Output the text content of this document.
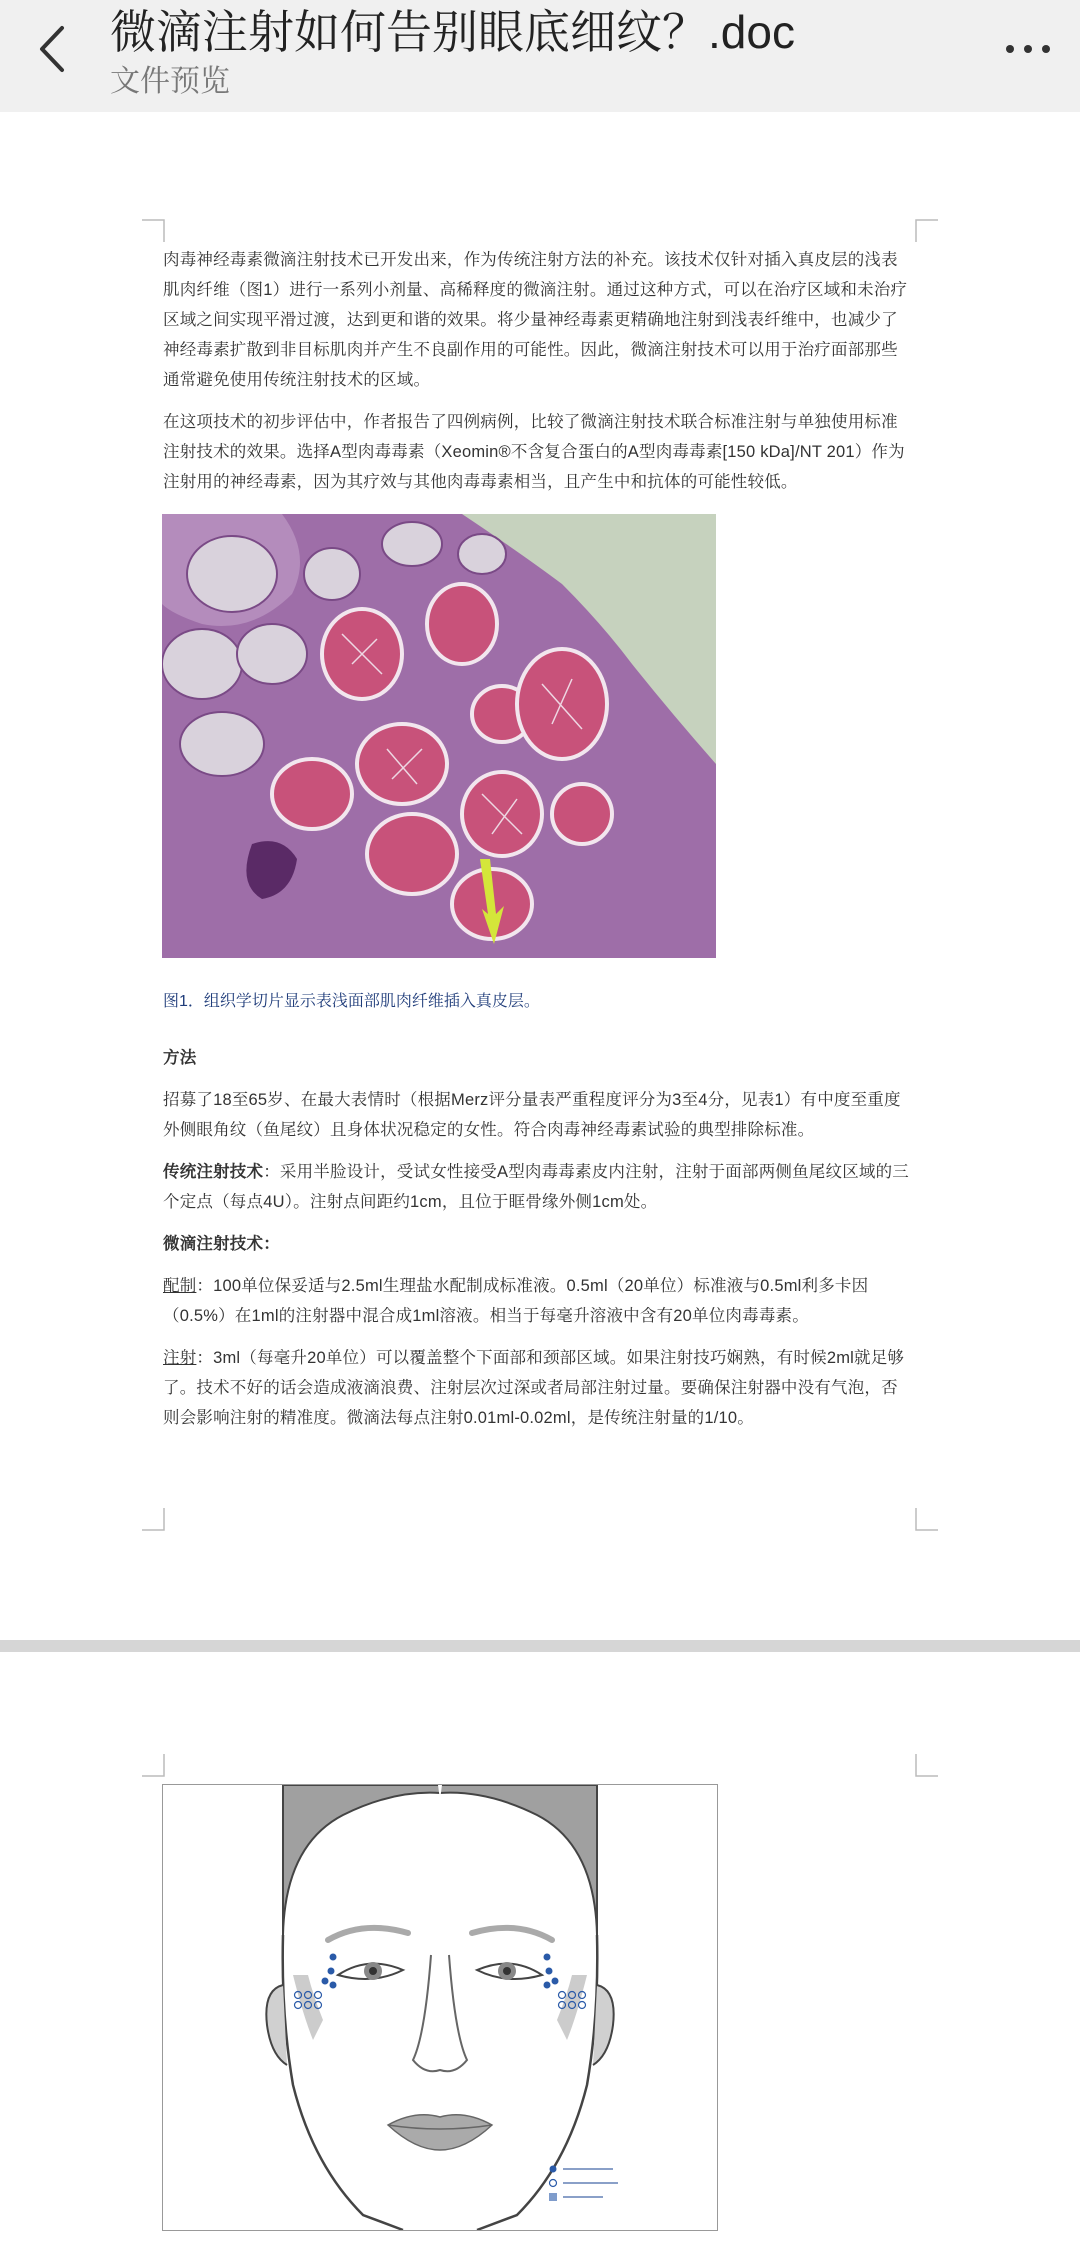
微滴注射如何告别眼底细纹？.doc
文件预览

肉毒神经毒素微滴注射技术已开发出来，作为传统注射方法的补充。该技术仅针对插入真皮层的浅表肌肉纤维（图1）进行一系列小剂量、高稀释度的微滴注射。通过这种方式，可以在治疗区域和未治疗区域之间实现平滑过渡，达到更和谐的效果。将少量神经毒素更精确地注射到浅表纤维中，也减少了神经毒素扩散到非目标肌肉并产生不良副作用的可能性。因此，微滴注射技术可以用于治疗面部那些通常避免使用传统注射技术的区域。

在这项技术的初步评估中，作者报告了四例病例，比较了微滴注射技术联合标准注射与单独使用标准注射技术的效果。选择A型肉毒毒素（Xeomin®不含复合蛋白的A型肉毒毒素[150 kDa]/NT 201）作为注射用的神经毒素，因为其疗效与其他肉毒毒素相当，且产生中和抗体的可能性较低。

图1．组织学切片显示表浅面部肌肉纤维插入真皮层。

方法

招募了18至65岁、在最大表情时（根据Merz评分量表严重程度评分为3至4分，见表1）有中度至重度外侧眼角纹（鱼尾纹）且身体状况稳定的女性。符合肉毒神经毒素试验的典型排除标准。

传统注射技术：采用半脸设计，受试女性接受A型肉毒毒素皮内注射，注射于面部两侧鱼尾纹区域的三个定点（每点4U）。注射点间距约1cm，且位于眶骨缘外侧1cm处。

微滴注射技术：

配制：100单位保妥适与2.5ml生理盐水配制成标准液。0.5ml（20单位）标准液与0.5ml利多卡因（0.5%）在1ml的注射器中混合成1ml溶液。相当于每毫升溶液中含有20单位肉毒毒素。

注射：3ml（每毫升20单位）可以覆盖整个下面部和颈部区域。如果注射技巧娴熟，有时候2ml就足够了。技术不好的话会造成液滴浪费、注射层次过深或者局部注射过量。要确保注射器中没有气泡，否则会影响注射的精准度。微滴法每点注射0.01ml-0.02ml，是传统注射量的1/10。
